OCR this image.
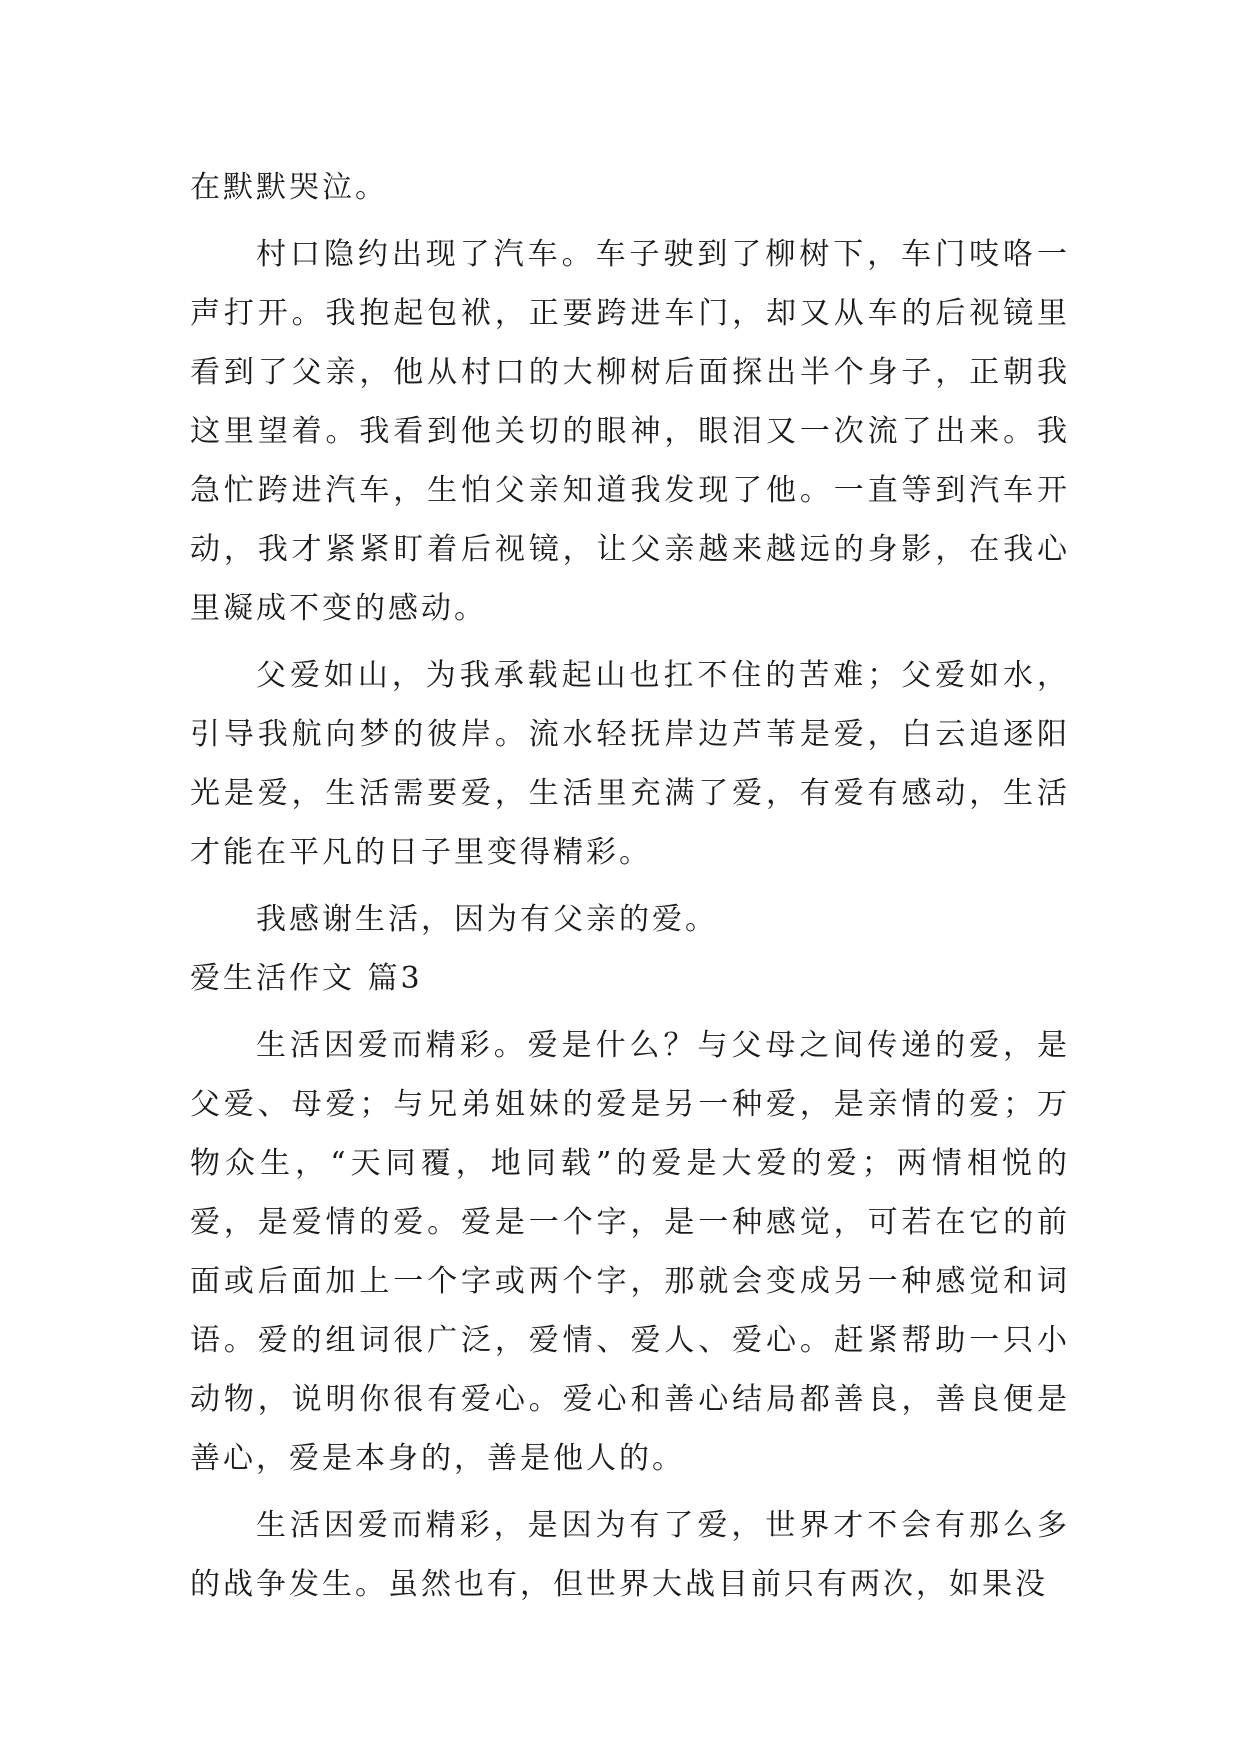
在默默哭泣。

村口隐约出现了汽车。车子驶到了柳树下，车门吱咯一声打开。我抱起包袱，正要跨进车门，却又从车的后视镜里看到了父亲，他从村口的大柳树后面探出半个身子，正朝我这里望着。我看到他关切的眼神，眼泪又一次流了出来。我急忙跨进汽车，生怕父亲知道我发现了他。一直等到汽车开动，我才紧紧盯着后视镜，让父亲越来越远的身影，在我心里凝成不变的感动。

父爱如山，为我承载起山也扛不住的苦难；父爱如水，引导我航向梦的彼岸。流水轻抚岸边芦苇是爱，白云追逐阳光是爱，生活需要爱，生活里充满了爱，有爱有感动，生活才能在平凡的日子里变得精彩。

我感谢生活，因为有父亲的爱。

爱生活作文 篇3

生活因爱而精彩。爱是什么？与父母之间传递的爱，是父爱、母爱；与兄弟姐妹的爱是另一种爱，是亲情的爱；万物众生，“天同覆，地同载”的爱是大爱的爱；两情相悦的爱，是爱情的爱。爱是一个字，是一种感觉，可若在它的前面或后面加上一个字或两个字，那就会变成另一种感觉和词语。爱的组词很广泛，爱情、爱人、爱心。赶紧帮助一只小动物，说明你很有爱心。爱心和善心结局都善良，善良便是善心，爱是本身的，善是他人的。

生活因爱而精彩，是因为有了爱，世界才不会有那么多的战争发生。虽然也有，但世界大战目前只有两次，如果没
